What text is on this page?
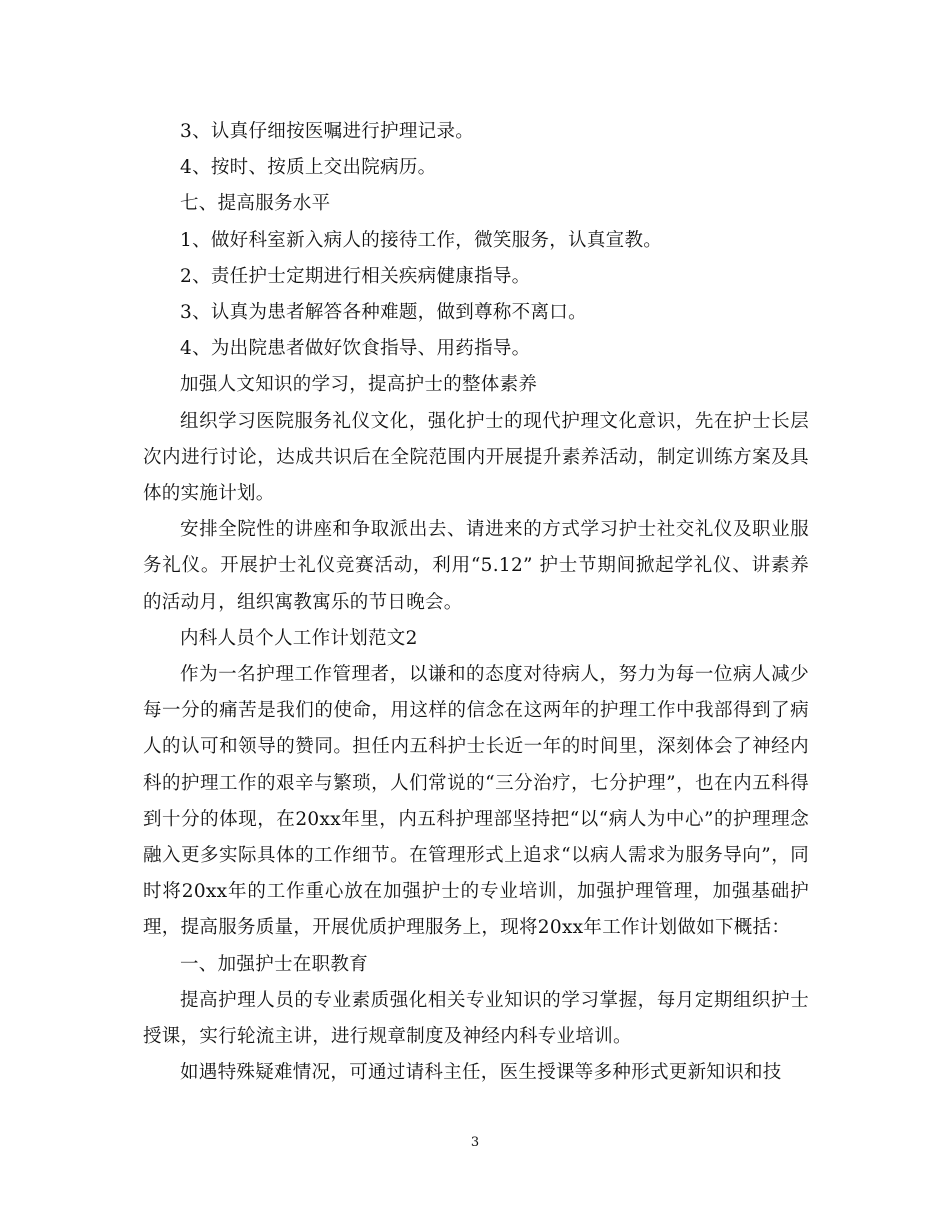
3、认真仔细按医嘱进行护理记录。

4、按时、按质上交出院病历。

七、提高服务水平

1、做好科室新入病人的接待工作，微笑服务，认真宣教。

2、责任护士定期进行相关疾病健康指导。

3、认真为患者解答各种难题，做到尊称不离口。

4、为出院患者做好饮食指导、用药指导。

加强人文知识的学习，提高护士的整体素养

组织学习医院服务礼仪文化，强化护士的现代护理文化意识，先在护士长层次内进行讨论，达成共识后在全院范围内开展提升素养活动，制定训练方案及具体的实施计划。

安排全院性的讲座和争取派出去、请进来的方式学习护士社交礼仪及职业服务礼仪。开展护士礼仪竞赛活动，利用“5.12” 护士节期间掀起学礼仪、讲素养的活动月，组织寓教寓乐的节日晚会。

内科人员个人工作计划范文2

作为一名护理工作管理者，以谦和的态度对待病人，努力为每一位病人减少每一分的痛苦是我们的使命，用这样的信念在这两年的护理工作中我部得到了病人的认可和领导的赞同。担任内五科护士长近一年的时间里，深刻体会了神经内科的护理工作的艰辛与繁琐，人们常说的“三分治疗，七分护理”，也在内五科得到十分的体现，在20xx年里，内五科护理部坚持把“以“病人为中心”的护理理念融入更多实际具体的工作细节。在管理形式上追求“以病人需求为服务导向”，同时将20xx年的工作重心放在加强护士的专业培训，加强护理管理，加强基础护理，提高服务质量，开展优质护理服务上，现将20xx年工作计划做如下概括：

一、加强护士在职教育

提高护理人员的专业素质强化相关专业知识的学习掌握，每月定期组织护士授课，实行轮流主讲，进行规章制度及神经内科专业培训。

如遇特殊疑难情况，可通过请科主任，医生授课等多种形式更新知识和技

3
